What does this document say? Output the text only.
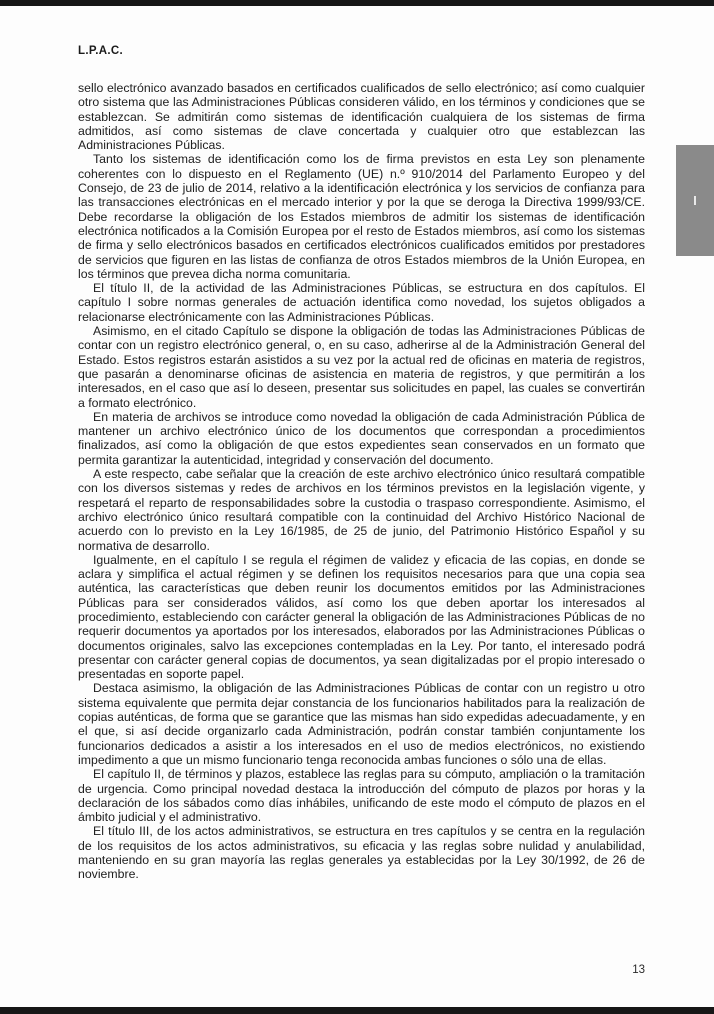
L.P.A.C.

sello electrónico avanzado basados en certificados cualificados de sello electrónico; así como cualquier otro sistema que las Administraciones Públicas consideren válido, en los términos y condiciones que se establezcan. Se admitirán como sistemas de identificación cualquiera de los sistemas de firma admitidos, así como sistemas de clave concertada y cualquier otro que establezcan las Administraciones Públicas.

Tanto los sistemas de identificación como los de firma previstos en esta Ley son plenamente coherentes con lo dispuesto en el Reglamento (UE) n.º 910/2014 del Parlamento Europeo y del Consejo, de 23 de julio de 2014, relativo a la identificación electrónica y los servicios de confianza para las transacciones electrónicas en el mercado interior y por la que se deroga la Directiva 1999/93/CE. Debe recordarse la obligación de los Estados miembros de admitir los sistemas de identificación electrónica notificados a la Comisión Europea por el resto de Estados miembros, así como los sistemas de firma y sello electrónicos basados en certificados electrónicos cualificados emitidos por prestadores de servicios que figuren en las listas de confianza de otros Estados miembros de la Unión Europea, en los términos que prevea dicha norma comunitaria.

El título II, de la actividad de las Administraciones Públicas, se estructura en dos capítulos. El capítulo I sobre normas generales de actuación identifica como novedad, los sujetos obligados a relacionarse electrónicamente con las Administraciones Públicas.

Asimismo, en el citado Capítulo se dispone la obligación de todas las Administraciones Públicas de contar con un registro electrónico general, o, en su caso, adherirse al de la Administración General del Estado. Estos registros estarán asistidos a su vez por la actual red de oficinas en materia de registros, que pasarán a denominarse oficinas de asistencia en materia de registros, y que permitirán a los interesados, en el caso que así lo deseen, presentar sus solicitudes en papel, las cuales se convertirán a formato electrónico.

En materia de archivos se introduce como novedad la obligación de cada Administración Pública de mantener un archivo electrónico único de los documentos que correspondan a procedimientos finalizados, así como la obligación de que estos expedientes sean conservados en un formato que permita garantizar la autenticidad, integridad y conservación del documento.

A este respecto, cabe señalar que la creación de este archivo electrónico único resultará compatible con los diversos sistemas y redes de archivos en los términos previstos en la legislación vigente, y respetará el reparto de responsabilidades sobre la custodia o traspaso correspondiente. Asimismo, el archivo electrónico único resultará compatible con la continuidad del Archivo Histórico Nacional de acuerdo con lo previsto en la Ley 16/1985, de 25 de junio, del Patrimonio Histórico Español y su normativa de desarrollo.

Igualmente, en el capítulo I se regula el régimen de validez y eficacia de las copias, en donde se aclara y simplifica el actual régimen y se definen los requisitos necesarios para que una copia sea auténtica, las características que deben reunir los documentos emitidos por las Administraciones Públicas para ser considerados válidos, así como los que deben aportar los interesados al procedimiento, estableciendo con carácter general la obligación de las Administraciones Públicas de no requerir documentos ya aportados por los interesados, elaborados por las Administraciones Públicas o documentos originales, salvo las excepciones contempladas en la Ley. Por tanto, el interesado podrá presentar con carácter general copias de documentos, ya sean digitalizadas por el propio interesado o presentadas en soporte papel.

Destaca asimismo, la obligación de las Administraciones Públicas de contar con un registro u otro sistema equivalente que permita dejar constancia de los funcionarios habilitados para la realización de copias auténticas, de forma que se garantice que las mismas han sido expedidas adecuadamente, y en el que, si así decide organizarlo cada Administración, podrán constar también conjuntamente los funcionarios dedicados a asistir a los interesados en el uso de medios electrónicos, no existiendo impedimento a que un mismo funcionario tenga reconocida ambas funciones o sólo una de ellas.

El capítulo II, de términos y plazos, establece las reglas para su cómputo, ampliación o la tramitación de urgencia. Como principal novedad destaca la introducción del cómputo de plazos por horas y la declaración de los sábados como días inhábiles, unificando de este modo el cómputo de plazos en el ámbito judicial y el administrativo.

El título III, de los actos administrativos, se estructura en tres capítulos y se centra en la regulación de los requisitos de los actos administrativos, su eficacia y las reglas sobre nulidad y anulabilidad, manteniendo en su gran mayoría las reglas generales ya establecidas por la Ley 30/1992, de 26 de noviembre.

I
13
